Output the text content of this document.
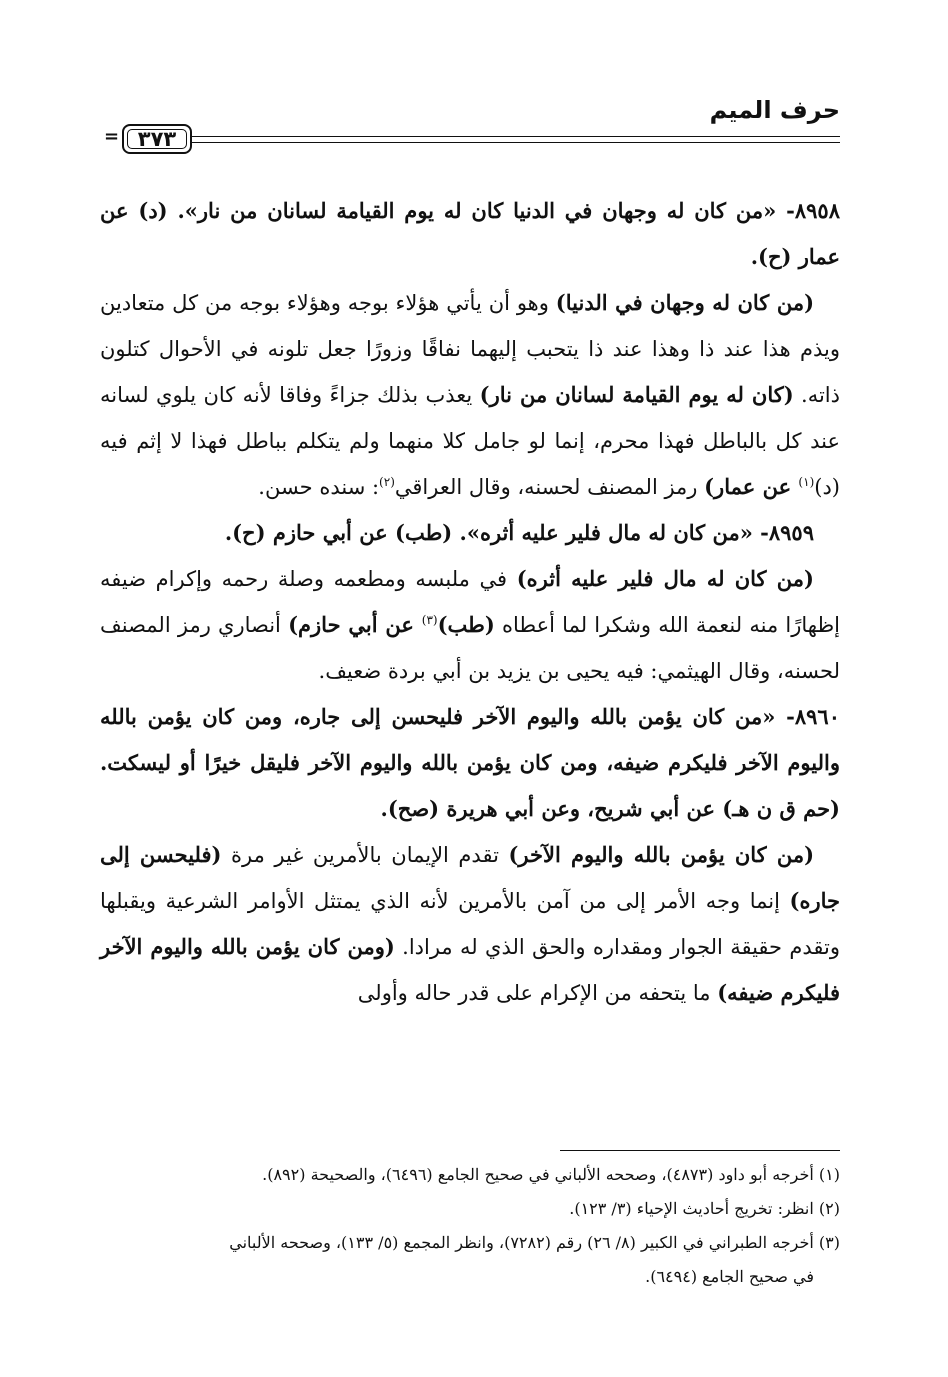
حرف الميم
= ٣٧٣

٨٩٥٨- «من كان له وجهان في الدنيا كان له يوم القيامة لسانان من نار». (د) عن عمار (ح).

(من كان له وجهان في الدنيا) وهو أن يأتي هؤلاء بوجه وهؤلاء بوجه من كل متعادين ويذم هذا عند ذا وهذا عند ذا يتحبب إليهما نفاقًا وزورًا جعل تلونه في الأحوال كتلون ذاته. (كان له يوم القيامة لسانان من نار) يعذب بذلك جزاءً وفاقا لأنه كان يلوي لسانه عند كل بالباطل فهذا محرم، إنما لو جامل كلا منهما ولم يتكلم بباطل فهذا لا إثم فيه (د)$^{(١)}$ عن عمار) رمز المصنف لحسنه، وقال العراقي$^{(٢)}$: سنده حسن.

٨٩٥٩- «من كان له مال فلير عليه أثره». (طب) عن أبي حازم (ح).

(من كان له مال فلير عليه أثره) في ملبسه ومطعمه وصلة رحمه وإكرام ضيفه إظهارًا منه لنعمة الله وشكرا لما أعطاه (طب)$^{(٣)}$ عن أبي حازم) أنصاري رمز المصنف لحسنه، وقال الهيثمي: فيه يحيى بن يزيد بن أبي بردة ضعيف.

٨٩٦٠- «من كان يؤمن بالله واليوم الآخر فليحسن إلى جاره، ومن كان يؤمن بالله واليوم الآخر فليكرم ضيفه، ومن كان يؤمن بالله واليوم الآخر فليقل خيرًا أو ليسكت. (حم ق ن هـ) عن أبي شريح، وعن أبي هريرة (صح).

(من كان يؤمن بالله واليوم الآخر) تقدم الإيمان بالأمرين غير مرة (فليحسن إلى جاره) إنما وجه الأمر إلى من آمن بالأمرين لأنه الذي يمتثل الأوامر الشرعية ويقبلها وتقدم حقيقة الجوار ومقداره والحق الذي له مرادا. (ومن كان يؤمن بالله واليوم الآخر فليكرم ضيفه) ما يتحفه من الإكرام على قدر حاله وأولى

(١) أخرجه أبو داود (٤٨٧٣)، وصححه الألباني في صحيح الجامع (٦٤٩٦)، والصحيحة (٨٩٢).

(٢) انظر: تخريج أحاديث الإحياء (٣/ ١٢٣).

(٣) أخرجه الطبراني في الكبير (٨/ ٢٦) رقم (٧٢٨٢)، وانظر المجمع (٥/ ١٣٣)، وصححه الألباني

في صحيح الجامع (٦٤٩٤).
